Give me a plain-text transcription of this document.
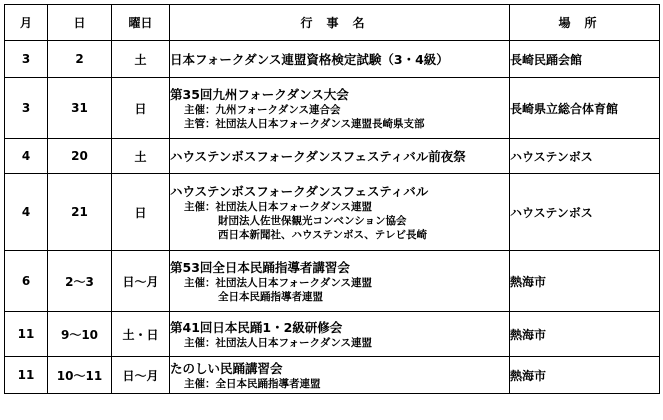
月	日	曜日	行事名	場所
3	2	土	日本フォークダンス連盟資格検定試験（3・4級）	長崎民踊会館
3	31	日	第35回九州フォークダンス大会
主催：九州フォークダンス連合会
主管：社団法人日本フォークダンス連盟長崎県支部	長崎県立総合体育館
4	20	土	ハウステンボスフォークダンスフェスティバル前夜祭	ハウステンボス
4	21	日	ハウステンボスフォークダンスフェスティバル
主催：社団法人日本フォークダンス連盟
財団法人佐世保観光コンベンション協会
西日本新聞社、ハウステンボス、テレビ長崎	ハウステンボス
6	2～3	日～月	第53回全日本民踊指導者講習会
主催：社団法人日本フォークダンス連盟
全日本民踊指導者連盟	熱海市
11	9～10	土・日	第41回日本民踊1・2級研修会
主催：社団法人日本フォークダンス連盟	熱海市
11	10～11	日～月	たのしい民踊講習会
主催：全日本民踊指導者連盟	熱海市
